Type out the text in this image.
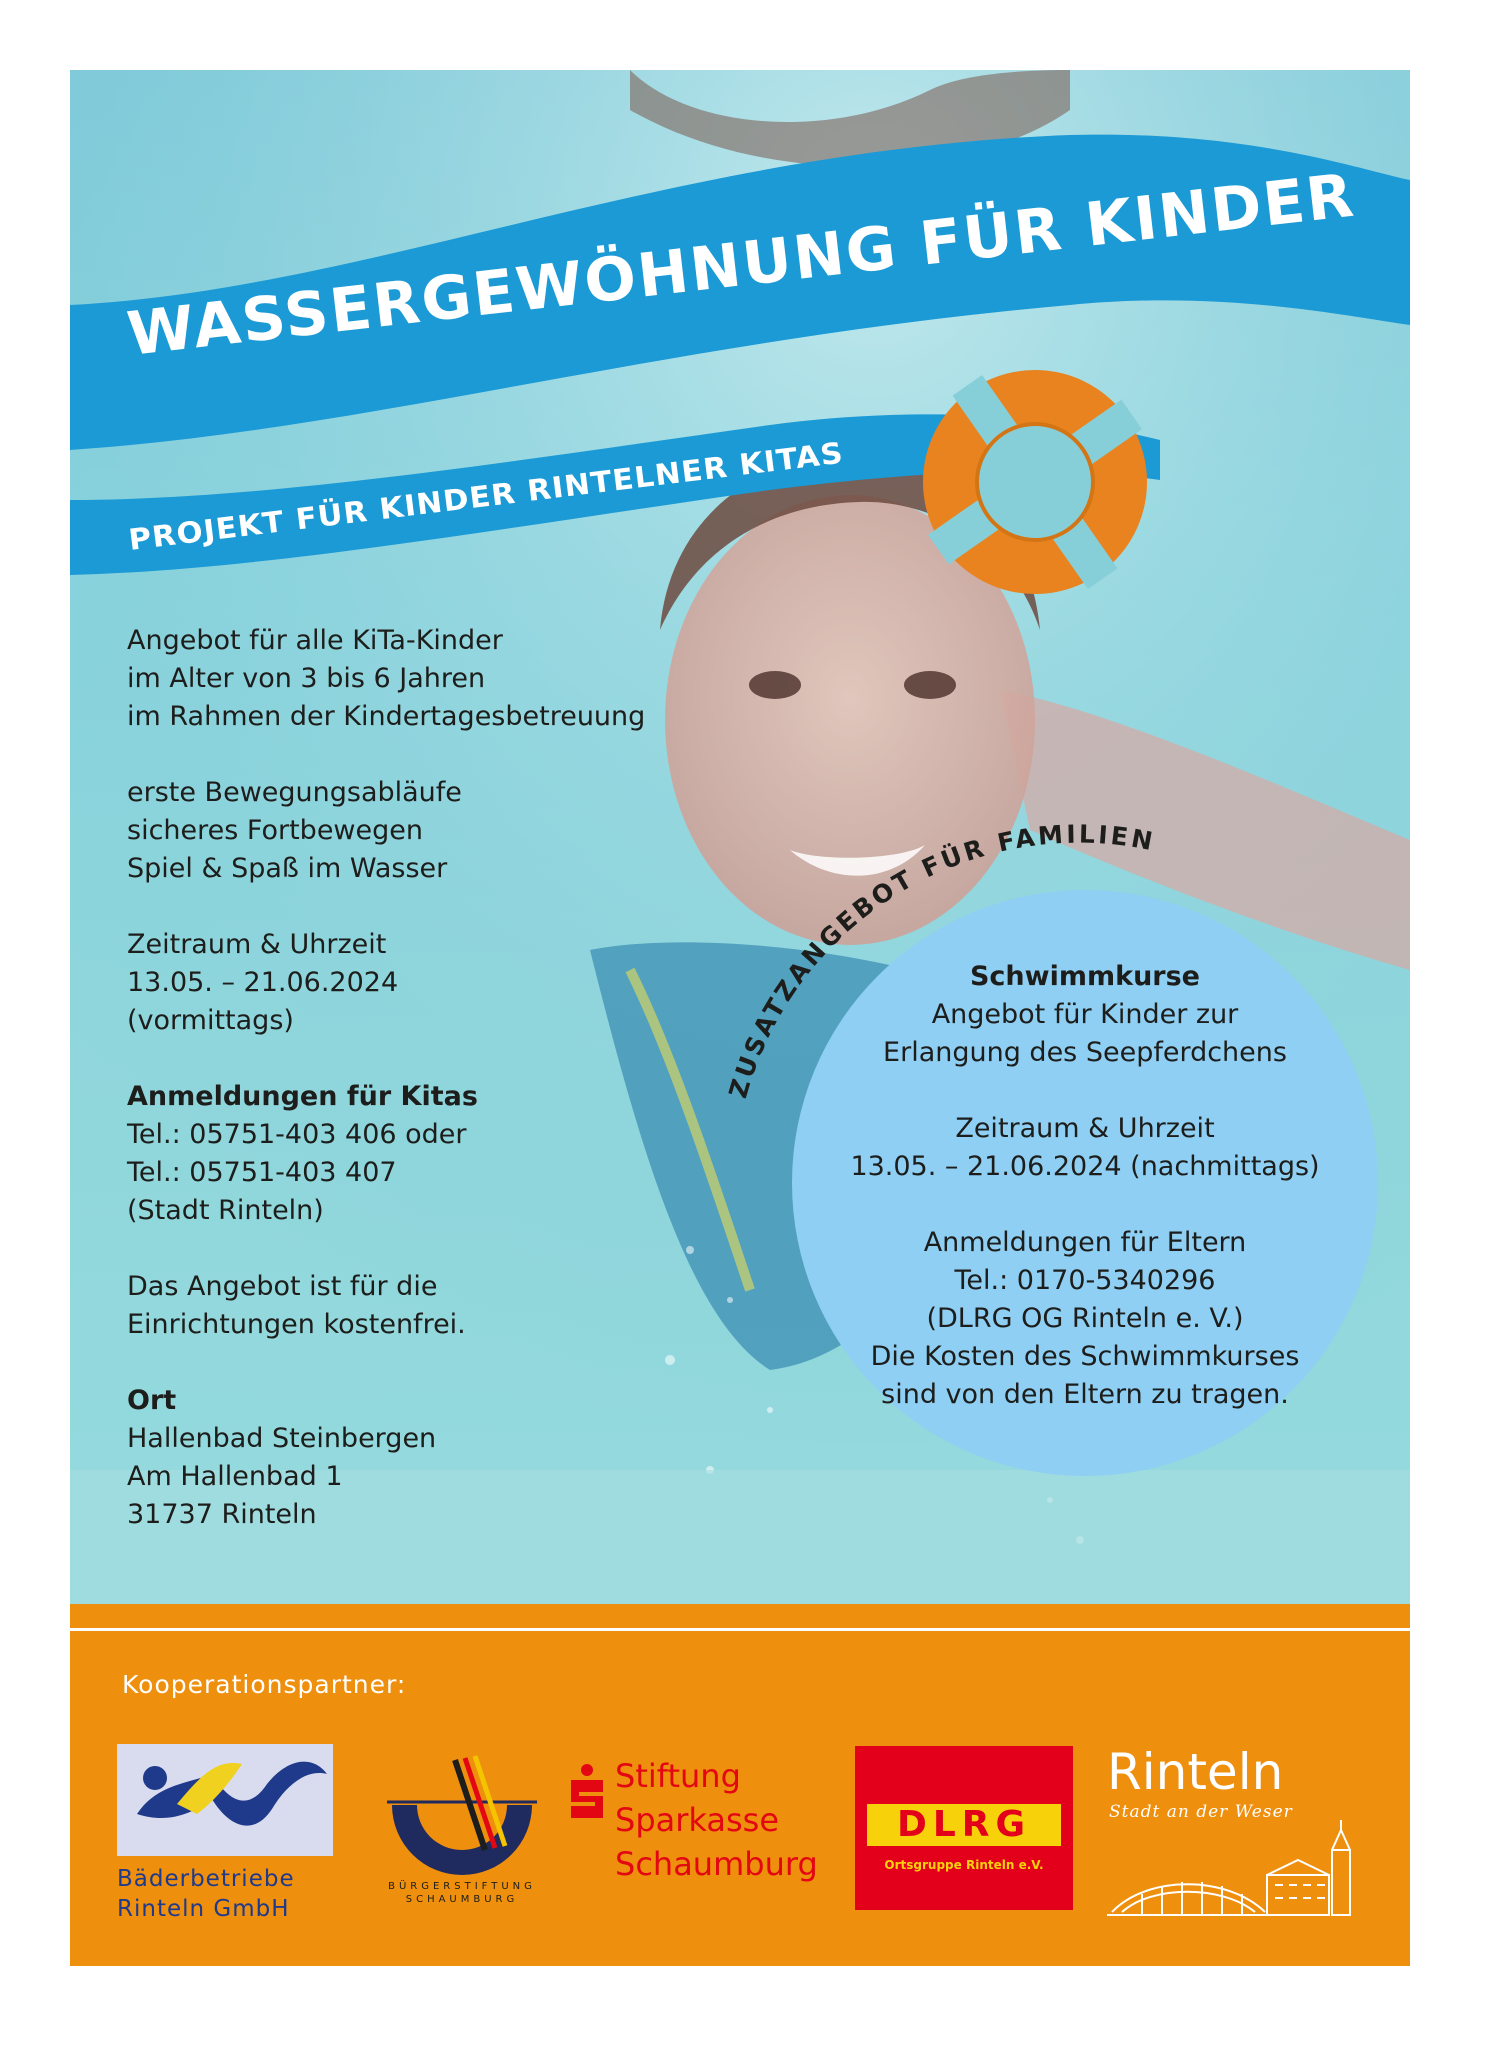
WASSERGEWÖHNUNG FÜR KINDER
PROJEKT FÜR KINDER RINTELNER KITAS
ZUSATZANGEBOT FÜR FAMILIEN

Angebot für alle KiTa-Kinder
im Alter von 3 bis 6 Jahren
im Rahmen der Kindertagesbetreuung

erste Bewegungsabläufe
sicheres Fortbewegen
Spiel & Spaß im Wasser

Zeitraum & Uhrzeit
13.05. – 21.06.2024
(vormittags)

Anmeldungen für Kitas
Tel.: 05751-403 406 oder
Tel.: 05751-403 407
(Stadt Rinteln)

Das Angebot ist für die
Einrichtungen kostenfrei.

Ort
Hallenbad Steinbergen
Am Hallenbad 1
31737 Rinteln

Schwimmkurse
Angebot für Kinder zur
Erlangung des Seepferdchens

Zeitraum & Uhrzeit
13.05. – 21.06.2024 (nachmittags)

Anmeldungen für Eltern
Tel.: 0170-5340296
(DLRG OG Rinteln e. V.)
Die Kosten des Schwimmkurses
sind von den Eltern zu tragen.

Kooperationspartner:
Bäderbetriebe
Rinteln GmbH
BÜRGERSTIFTUNG
SCHAUMBURG
Stiftung
Sparkasse
Schaumburg
DLRG
Ortsgruppe Rinteln e.V.
Rinteln
Stadt an der Weser
